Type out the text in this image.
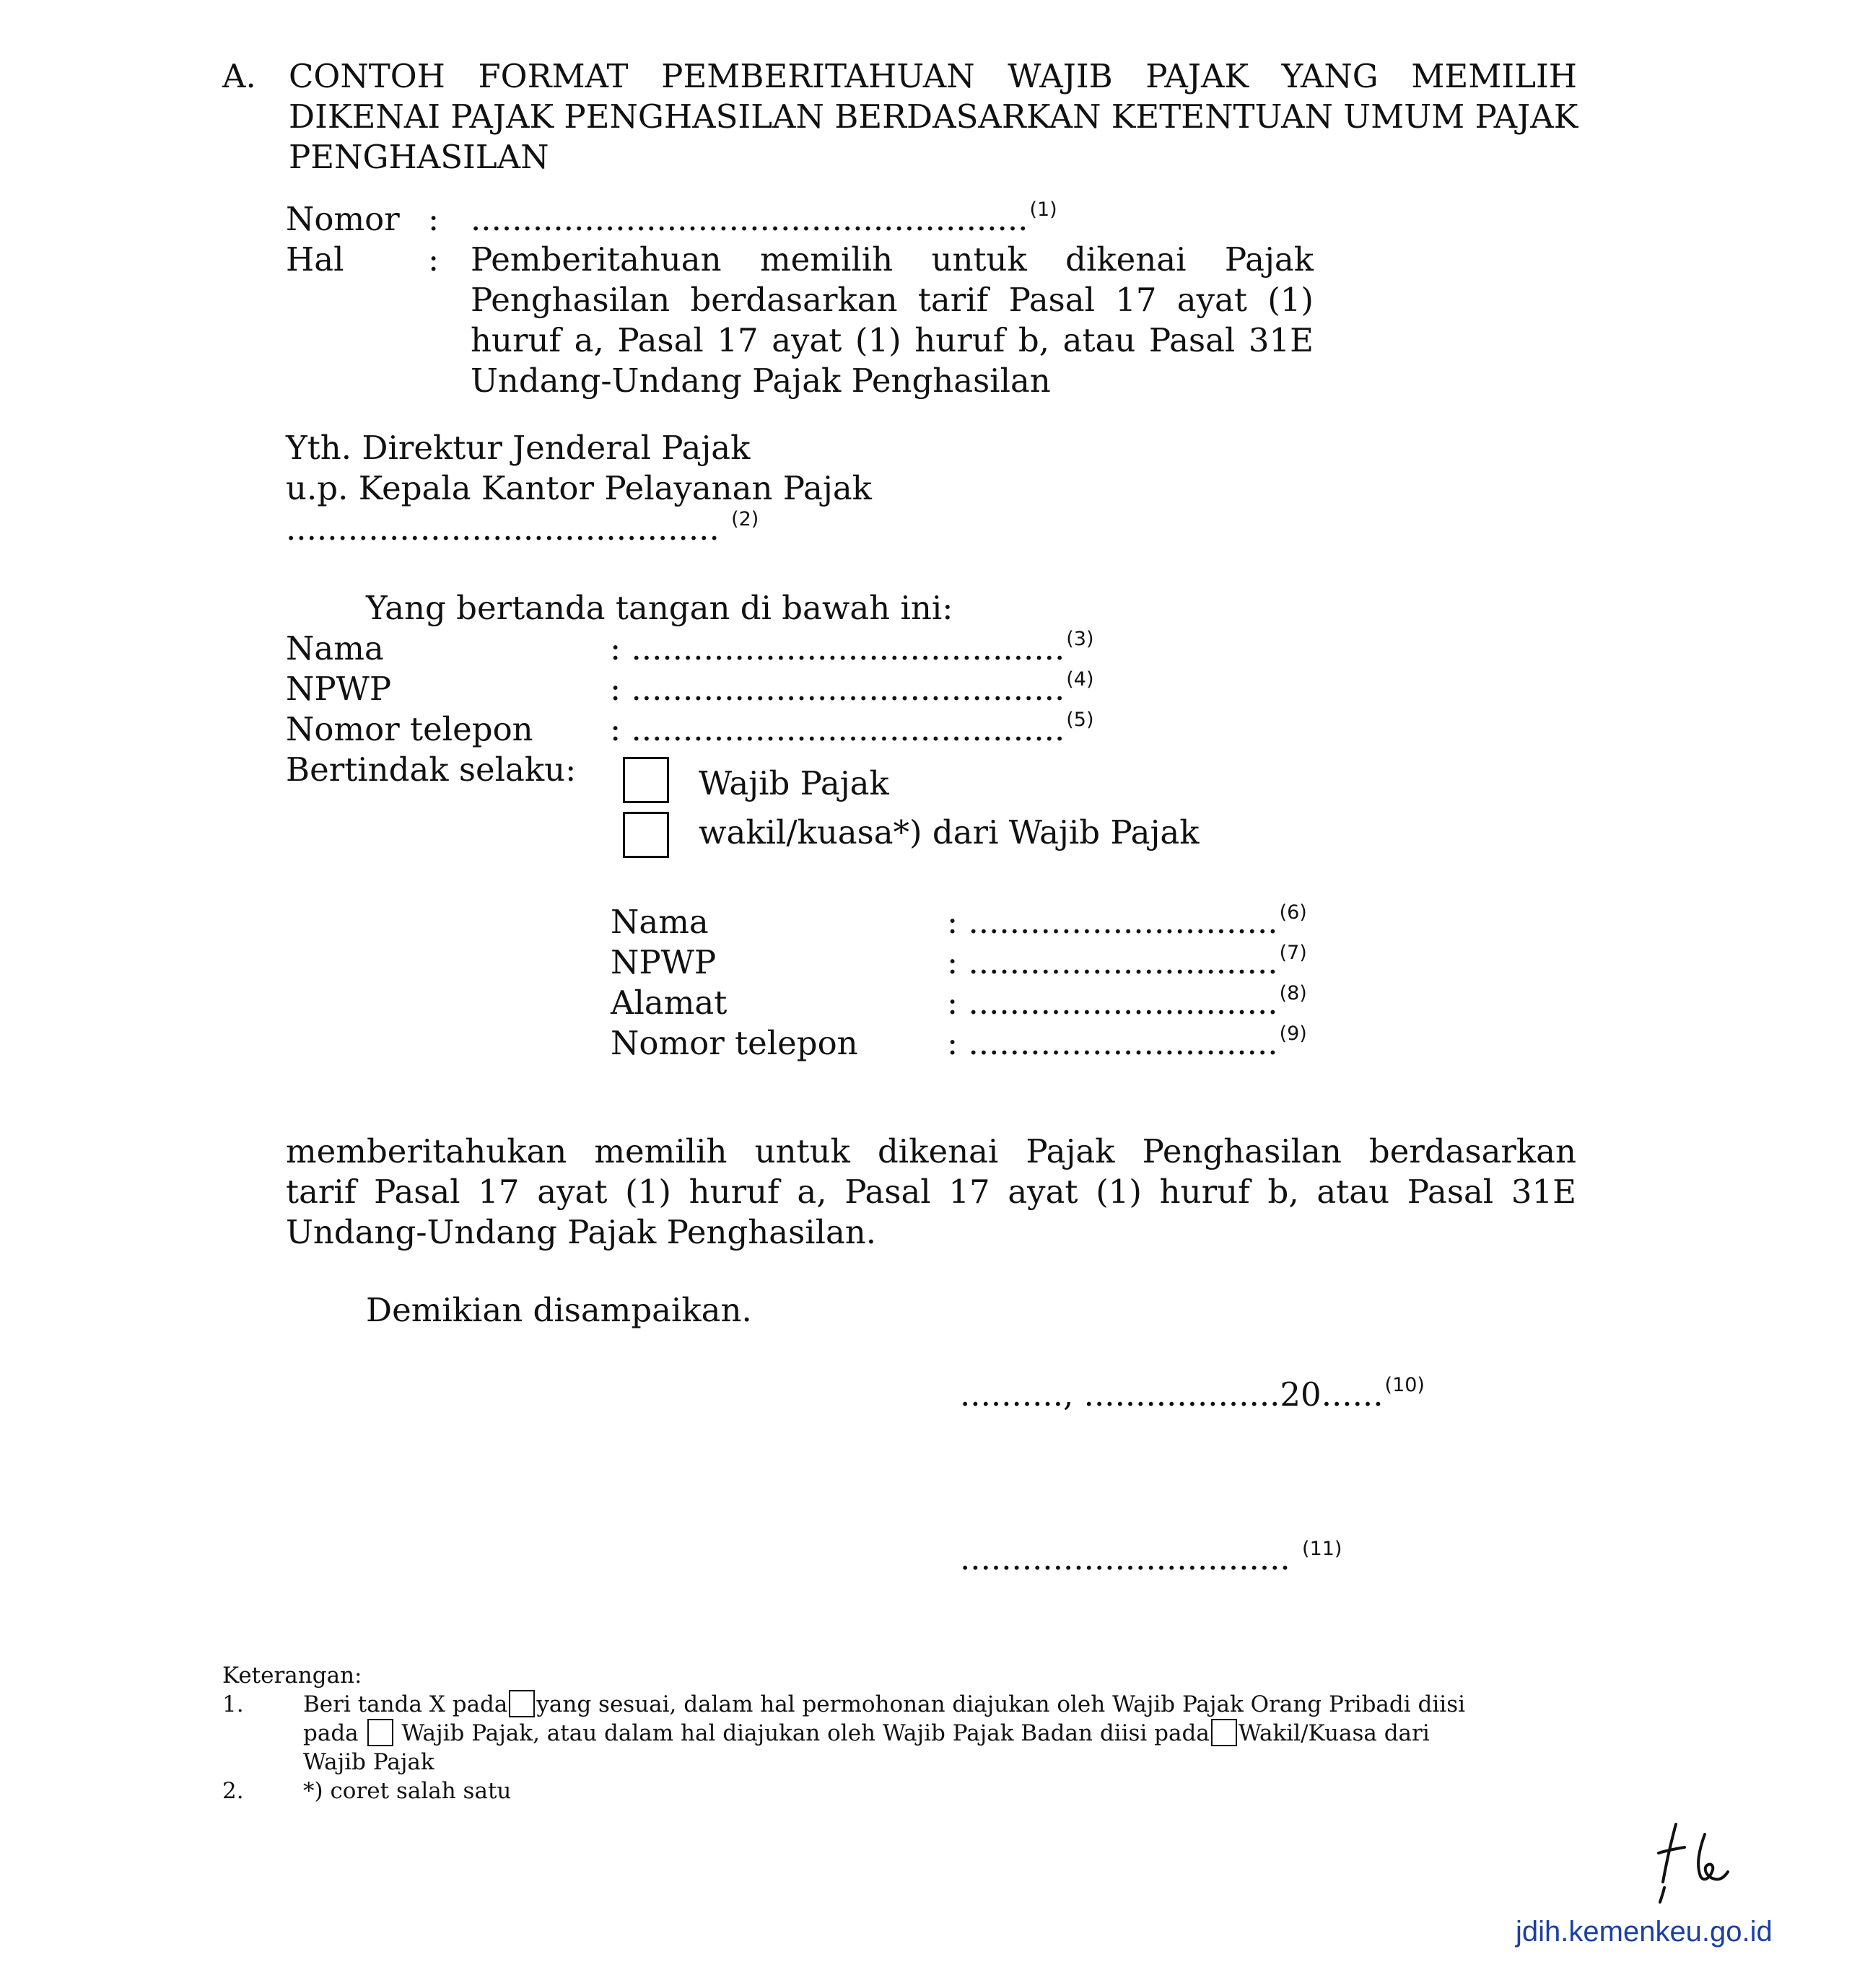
A. CONTOH FORMAT PEMBERITAHUAN WAJIB PAJAK YANG MEMILIH
DIKENAI PAJAK PENGHASILAN BERDASARKAN KETENTUAN UMUM PAJAK
PENGHASILAN
Nomor : ......................................................$^{(1)}$
Hal	: Pemberitahuan memilih untuk dikenai Pajak
Penghasilan berdasarkan tarif Pasal 17 ayat (1)
huruf a, Pasal 17 ayat (1) huruf b, atau Pasal 31E
Undang-Undang Pajak Penghasilan
Yth. Direktur Jenderal Pajak
u.p. Kepala Kantor Pelayanan Pajak
.......................................... $^{(2)}$
Yang bertanda tangan di bawah ini:
Nama	: ..........................................$^{(3)}$
NPWP	: ..........................................$^{(4)}$
Nomor telepon : ..........................................$^{(5)}$
Bertindak selaku:	Wajib Pajak
wakil/kuasa*) dari Wajib Pajak
Nama	: ..............................$^{(6)}$
NPWP	: ..............................$^{(7)}$
Alamat	: ..............................$^{(8)}$
Nomor telepon	: ..............................$^{(9)}$
memberitahukan memilih untuk dikenai Pajak Penghasilan berdasarkan
tarif Pasal 17 ayat (1) huruf a, Pasal 17 ayat (1) huruf b, atau Pasal 31E
Undang-Undang Pajak Penghasilan.
Demikian disampaikan.
.........., ...................20......$^{(10)}$
................................ $^{(11)}$
Keterangan:
1.	Beri tanda X pada yang sesuai, dalam hal permohonan diajukan oleh Wajib Pajak Orang Pribadi diisi
pada Wajib Pajak, atau dalam hal diajukan oleh Wajib Pajak Badan diisi pada Wakil/Kuasa dari
Wajib Pajak
2.	*) coret salah satu
jdih.kemenkeu.go.id
